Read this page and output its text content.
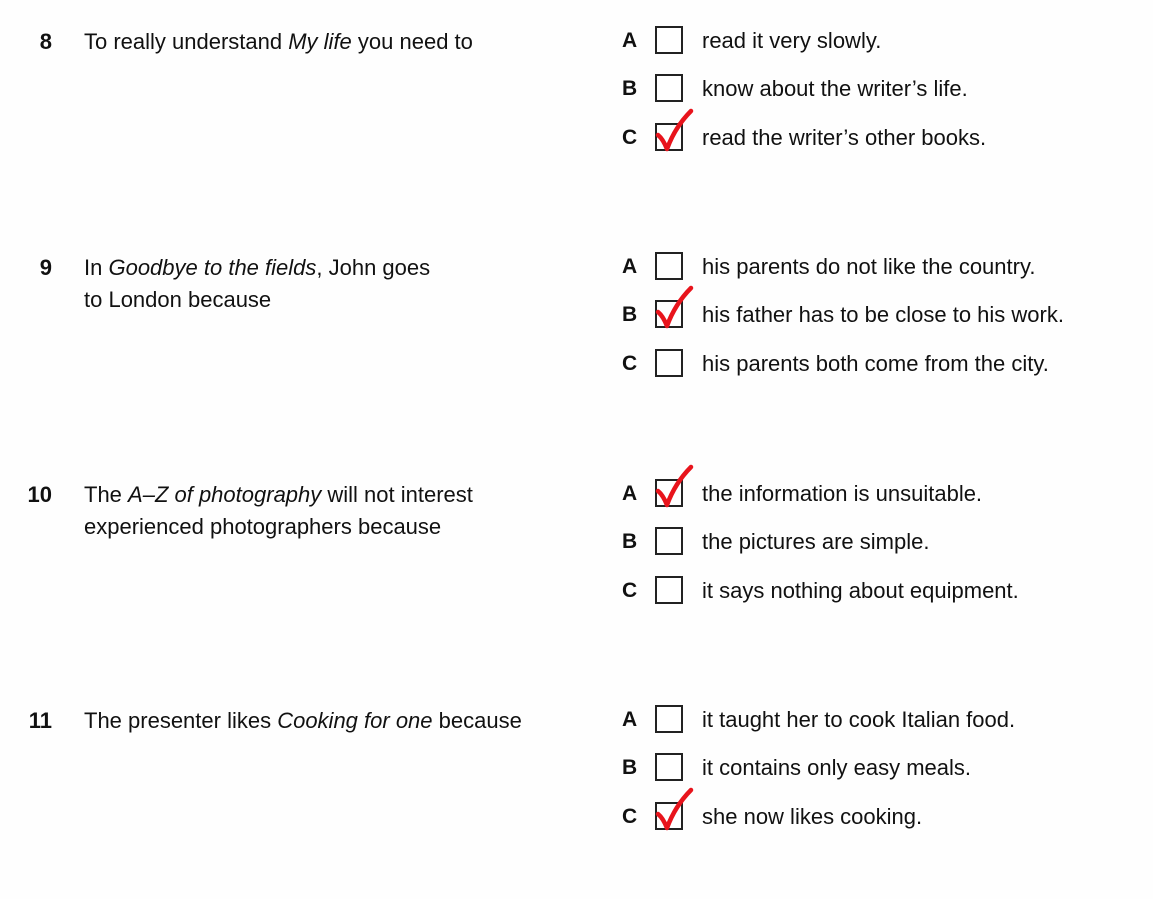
8 To really understand My life you need to	A	read it very slowly.
B	know about the writer’s life.
C	read the writer’s other books.
9 In Goodbye to the fields, John goes
to London because
A	his parents do not like the country.
B	his father has to be close to his work.
C	his parents both come from the city.
10 The A–Z of photography will not interest
experienced photographers because
A	the information is unsuitable.
B	the pictures are simple.
C	it says nothing about equipment.
11 The presenter likes Cooking for one because	A	it taught her to cook Italian food.
B	it contains only easy meals.
C	she now likes cooking.
